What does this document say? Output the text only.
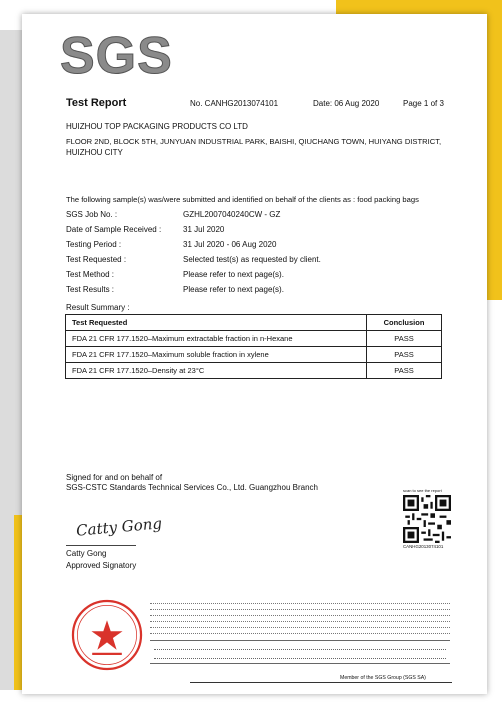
SGS
Test Report	No. CANHG2013074101	Date: 06 Aug 2020	Page 1 of 3
HUIZHOU TOP PACKAGING PRODUCTS CO LTD
FLOOR 2ND, BLOCK 5TH, JUNYUAN INDUSTRIAL PARK, BAISHI, QIUCHANG TOWN, HUIYANG DISTRICT,
HUIZHOU CITY
The following sample(s) was/were submitted and identified on behalf of the clients as : food packing bags
SGS Job No. :	GZHL2007040240CW - GZ
Date of Sample Received :	31 Jul 2020
Testing Period :	31 Jul 2020 - 06 Aug 2020
Test Requested :	Selected test(s) as requested by client.
Test Method :	Please refer to next page(s).
Test Results :	Please refer to next page(s).
Result Summary :
Test Requested	Conclusion
FDA 21 CFR 177.1520–Maximum extractable fraction in n-Hexane	PASS
FDA 21 CFR 177.1520–Maximum soluble fraction in xylene	PASS
FDA 21 CFR 177.1520–Density at 23°C	PASS
Signed for and on behalf of
SGS-CSTC Standards Technical Services Co., Ltd. Guangzhou Branch
Catty Gong
Catty Gong
Approved Signatory
scan to see the report
CANHG2013074101
Member of the SGS Group (SGS SA)
